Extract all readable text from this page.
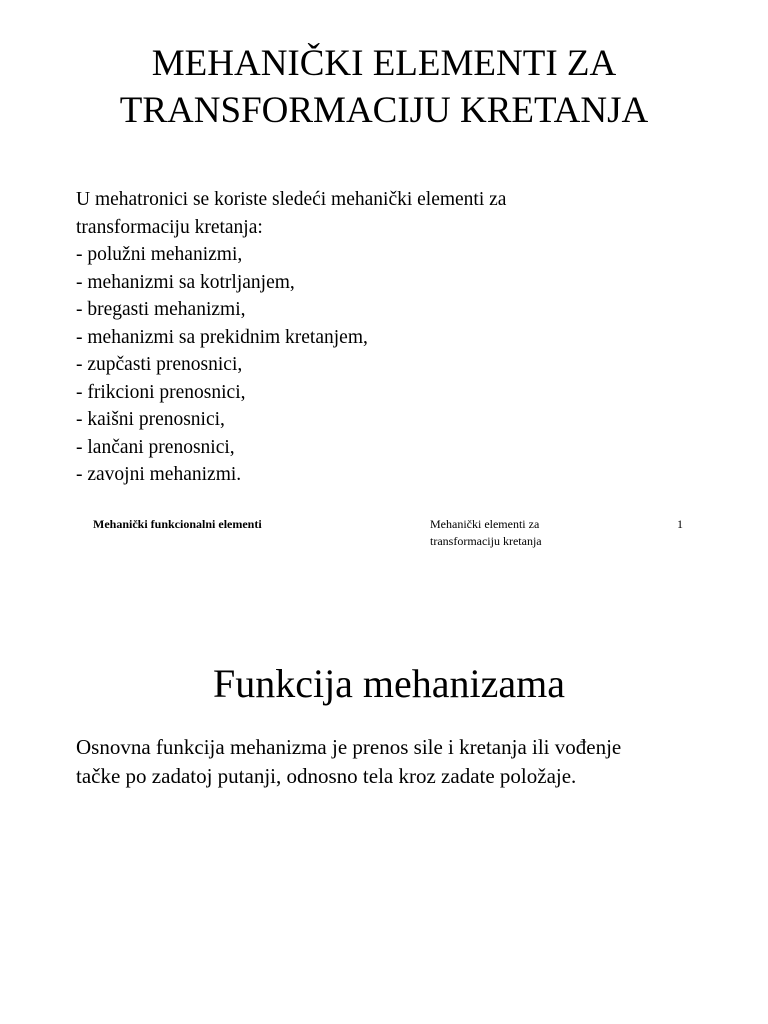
MEHANIČKI ELEMENTI ZA
TRANSFORMACIJU KRETANJA
U mehatronici se koriste sledeći mehanički elementi za
transformaciju kretanja:
- polužni mehanizmi,
- mehanizmi sa kotrljanjem,
- bregasti mehanizmi,
- mehanizmi sa prekidnim kretanjem,
- zupčasti prenosnici,
- frikcioni prenosnici,
- kaišni prenosnici,
- lančani prenosnici,
- zavojni mehanizmi.
Mehanički funkcionalni elementi	Mehanički elementi za
transformaciju kretanja
1
Funkcija mehanizama
Osnovna funkcija mehanizma je prenos sile i kretanja ili vođenje
tačke po zadatoj putanji, odnosno tela kroz zadate položaje.
